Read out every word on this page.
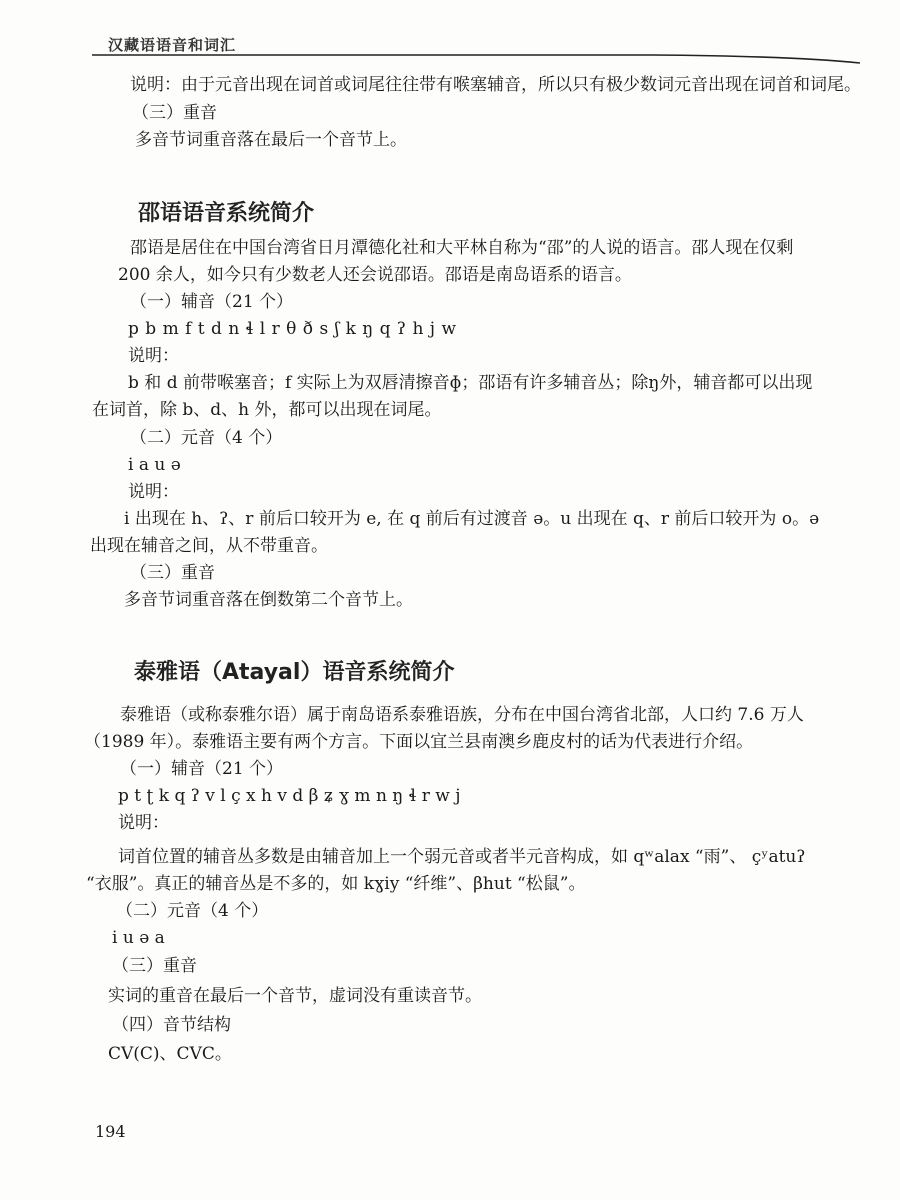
汉藏语语音和词汇
说明：由于元音出现在词首或词尾往往带有喉塞辅音，所以只有极少数词元音出现在词首和词尾。
（三）重音
多音节词重音落在最后一个音节上。
邵语语音系统简介
邵语是居住在中国台湾省日月潭德化社和大平林自称为“邵”的人说的语言。邵人现在仅剩
200 余人，如今只有少数老人还会说邵语。邵语是南岛语系的语言。
（一）辅音（21 个）
p b m f t d n ɬ l r θ ð s ʃ k ŋ q ʔ h j w
说明：
b 和 d 前带喉塞音；f 实际上为双唇清擦音ɸ；邵语有许多辅音丛；除ŋ外，辅音都可以出现
在词首，除 b、d、h 外，都可以出现在词尾。
（二）元音（4 个）
i a u ə
说明：
i 出现在 h、ʔ、r 前后口较开为 e, 在 q 前后有过渡音 ə。u 出现在 q、r 前后口较开为 o。ə
出现在辅音之间，从不带重音。
（三）重音
多音节词重音落在倒数第二个音节上。
泰雅语（Atayal）语音系统简介
泰雅语（或称泰雅尔语）属于南岛语系泰雅语族，分布在中国台湾省北部，人口约 7.6 万人
（1989 年）。泰雅语主要有两个方言。下面以宜兰县南澳乡鹿皮村的话为代表进行介绍。
（一）辅音（21 个）
p t ʈ k q ʔ v l ç x h v d β ʑ ɣ m n ŋ ɬ r w j
说明：
词首位置的辅音丛多数是由辅音加上一个弱元音或者半元音构成，如 qʷalax “雨”、 çʸatuʔ
“衣服”。真正的辅音丛是不多的，如 kɣiy “纤维”、βhut “松鼠”。
（二）元音（4 个）
i u ə a
（三）重音
实词的重音在最后一个音节，虚词没有重读音节。
（四）音节结构
CV(C)、CVC。
194
